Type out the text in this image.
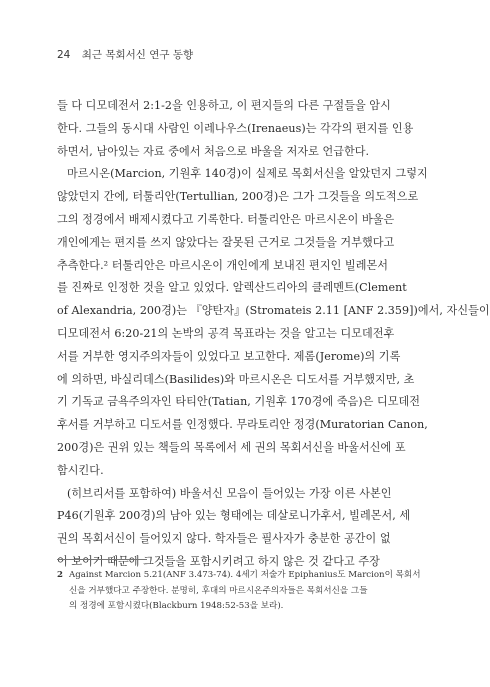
24 최근 목회서신 연구 동향
들 다 디모데전서 2:1-2을 인용하고, 이 편지들의 다른 구절들을 암시
한다. 그들의 동시대 사람인 이레나우스(Irenaeus)는 각각의 편지를 인용
하면서, 남아있는 자료 중에서 처음으로 바울을 저자로 언급한다.
마르시온(Marcion, 기원후 140경)이 실제로 목회서신을 알았던지 그렇지
않았던지 간에, 터툴리안(Tertullian, 200경)은 그가 그것들을 의도적으로
그의 정경에서 배제시켰다고 기록한다. 터툴리안은 마르시온이 바울은
개인에게는 편지를 쓰지 않았다는 잘못된 근거로 그것들을 거부했다고
추측한다.² 터툴리안은 마르시온이 개인에게 보내진 편지인 빌레몬서
를 진짜로 인정한 것을 알고 있었다. 알렉산드리아의 클레멘트(Clement
of Alexandria, 200경)는 『양탄자』(Stromateis 2.11 [ANF 2.359])에서, 자신들이
디모데전서 6:20-21의 논박의 공격 목표라는 것을 알고는 디모데전후
서를 거부한 영지주의자들이 있었다고 보고한다. 제롬(Jerome)의 기록
에 의하면, 바실리데스(Basilides)와 마르시온은 디도서를 거부했지만, 초
기 기독교 금욕주의자인 타티안(Tatian, 기원후 170경에 죽음)은 디모데전
후서를 거부하고 디도서를 인정했다. 무라토리안 정경(Muratorian Canon,
200경)은 권위 있는 책들의 목록에서 세 권의 목회서신을 바울서신에 포
함시킨다.
(히브리서를 포함하여) 바울서신 모음이 들어있는 가장 이른 사본인
P46(기원후 200경)의 남아 있는 형태에는 데살로니가후서, 빌레몬서, 세
권의 목회서신이 들어있지 않다. 학자들은 필사자가 충분한 공간이 없
어 보이기 때문에 그것들을 포함시키려고 하지 않은 것 같다고 주장
2 Against Marcion 5.21(ANF 3.473-74). 4세기 저술가 Epiphanius도 Marcion이 목회서
신을 거부했다고 주장한다. 분명히, 후대의 마르시온주의자들은 목회서신을 그들
의 정경에 포함시켰다(Blackburn 1948:52-53을 보라).
